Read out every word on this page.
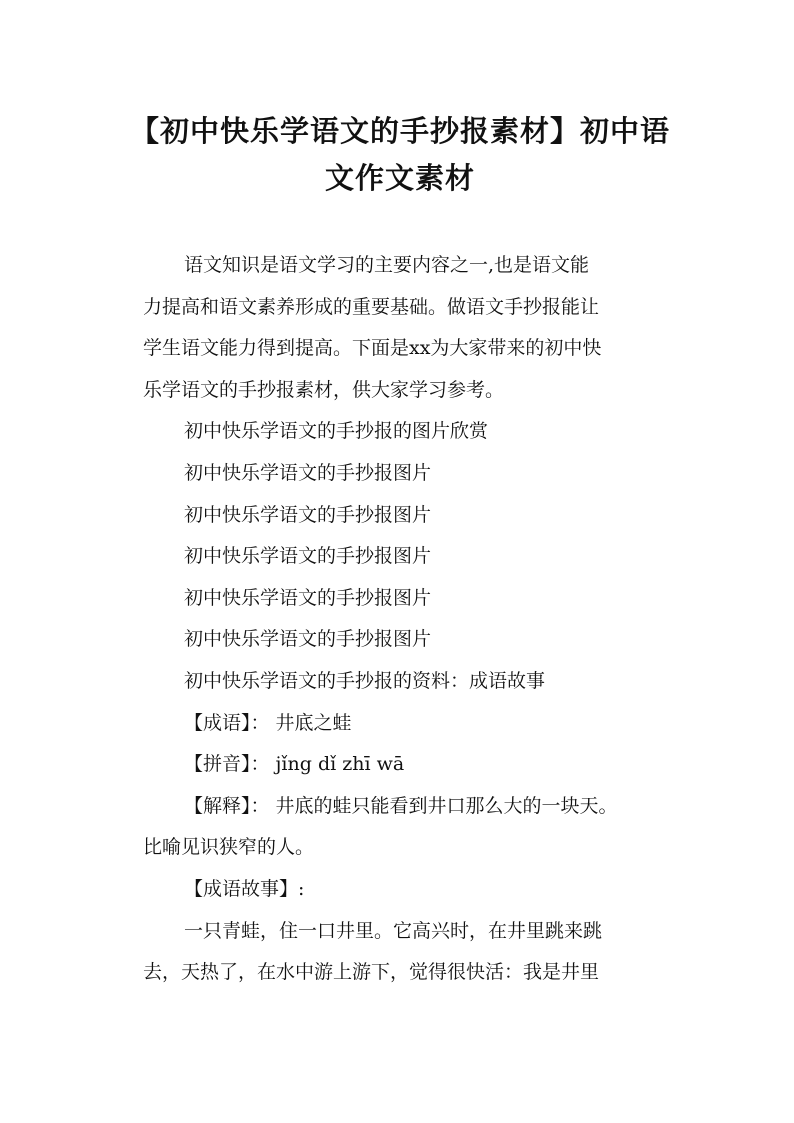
【初中快乐学语文的手抄报素材】初中语
文作文素材
语文知识是语文学习的主要内容之一,也是语文能
力提高和语文素养形成的重要基础。做语文手抄报能让
学生语文能力得到提高。下面是xx为大家带来的初中快
乐学语文的手抄报素材，供大家学习参考。
初中快乐学语文的手抄报的图片欣赏
初中快乐学语文的手抄报图片
初中快乐学语文的手抄报图片
初中快乐学语文的手抄报图片
初中快乐学语文的手抄报图片
初中快乐学语文的手抄报图片
初中快乐学语文的手抄报的资料：成语故事
【成语】： 井底之蛙
【拼音】： jǐng dǐ zhī wā
【解释】： 井底的蛙只能看到井口那么大的一块天。
比喻见识狭窄的人。
【成语故事】:
一只青蛙，住一口井里。它高兴时，在井里跳来跳
去，天热了，在水中游上游下，觉得很快活：我是井里
